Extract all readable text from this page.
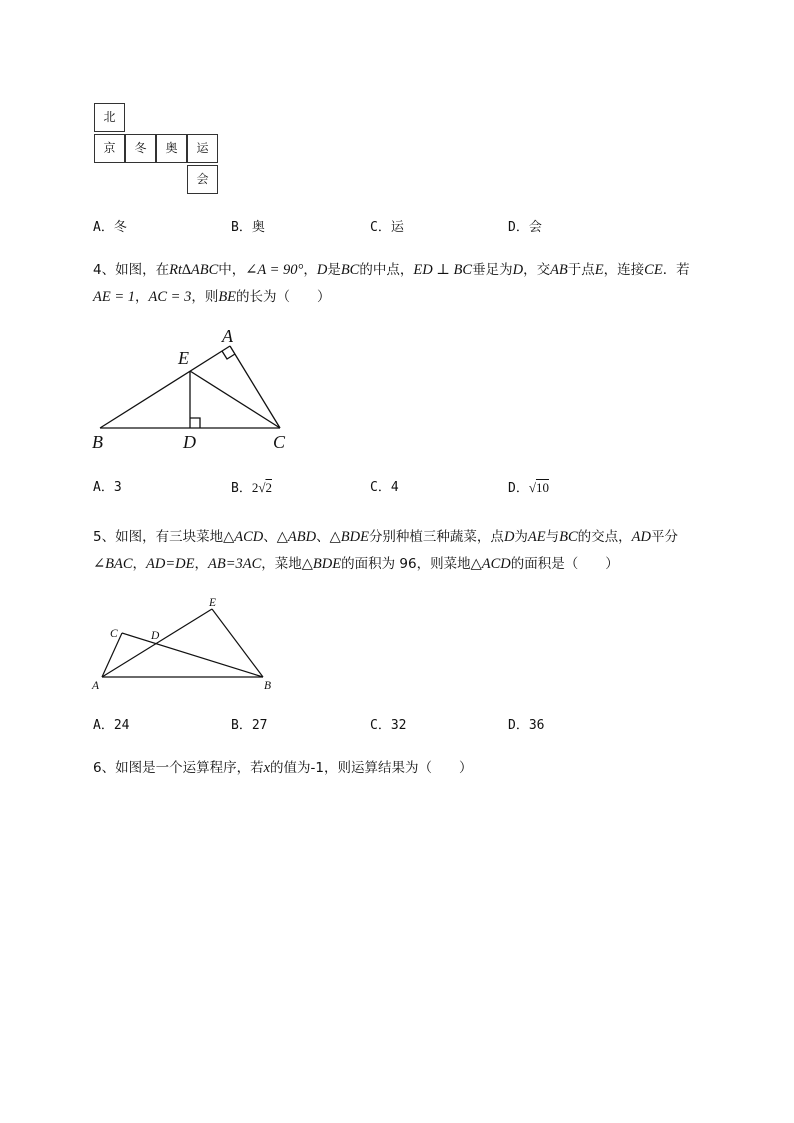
北
京	冬	奥	运
会
A．冬	B．奥	C．运	D．会
4、如图，在Rt∆ABC中，∠A = 90°，D是BC的中点，ED ⊥ BC垂足为D，交AB于点E，连接CE．若
AE = 1，AC = 3，则BE的长为（　　）
A
B	C
D
E
A．3	B．2√2	C．4	D．√10
5、如图，有三块菜地△ACD、△ABD、△BDE分别种植三种蔬菜，点D为AE与BC的交点，AD平分
∠BAC，AD=DE，AB=3AC，菜地△BDE的面积为 96，则菜地△ACD的面积是（　　）
A	B
C	D
E
A．24	B．27	C．32	D．36
6、如图是一个运算程序，若x的值为-1，则运算结果为（　　）
